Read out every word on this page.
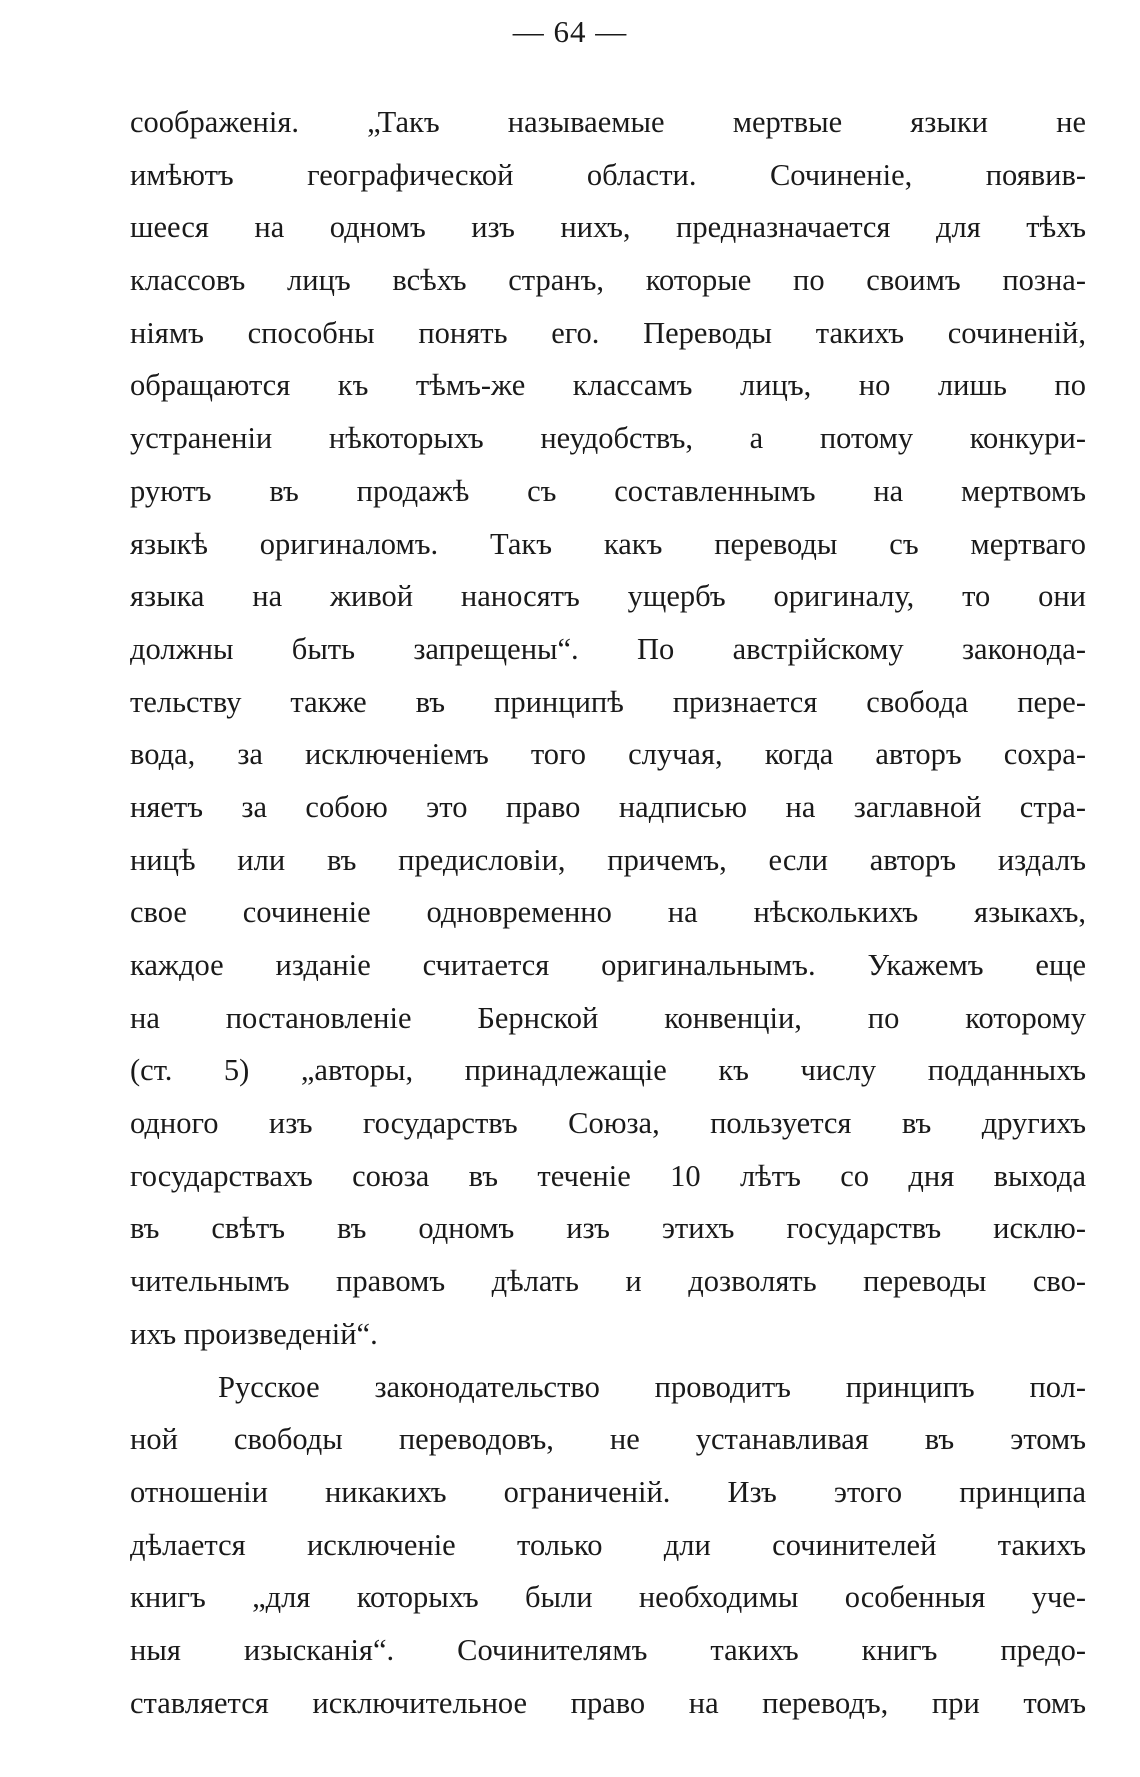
— 64 —
соображенія. „Такъ называемые мертвые языки не
имѣютъ географической области. Сочиненіе, появив-
шееся на одномъ изъ нихъ, предназначается для тѣхъ
классовъ лицъ всѣхъ странъ, которые по своимъ позна-
ніямъ способны понять его. Переводы такихъ сочиненій,
обращаются къ тѣмъ-же классамъ лицъ, но лишь по
устраненіи нѣкоторыхъ неудобствъ, а потому конкури-
руютъ въ продажѣ съ составленнымъ на мертвомъ
языкѣ оригиналомъ. Такъ какъ переводы съ мертваго
языка на живой наносятъ ущербъ оригиналу, то они
должны быть запрещены“. По австрійскому законода-
тельству также въ принципѣ признается свобода пере-
вода, за исключеніемъ того случая, когда авторъ сохра-
няетъ за собою это право надписью на заглавной стра-
ницѣ или въ предисловіи, причемъ, если авторъ издалъ
свое сочиненіе одновременно на нѣсколькихъ языкахъ,
каждое изданіе считается оригинальнымъ. Укажемъ еще
на постановленіе Бернской конвенціи, по которому
(ст. 5) „авторы, принадлежащіе къ числу подданныхъ
одного изъ государствъ Союза, пользуется въ другихъ
государствахъ союза въ теченіе 10 лѣтъ со дня выхода
въ свѣтъ въ одномъ изъ этихъ государствъ исклю-
чительнымъ правомъ дѣлать и дозволять переводы сво-
ихъ произведеній“.
Русское законодательство проводитъ принципъ пол-
ной свободы переводовъ, не устанавливая въ этомъ
отношеніи никакихъ ограниченій. Изъ этого принципа
дѣлается исключеніе только дли сочинителей такихъ
книгъ „для которыхъ были необходимы особенныя уче-
ныя изысканія“. Сочинителямъ такихъ книгъ предо-
ставляется исключительное право на переводъ, при томъ
